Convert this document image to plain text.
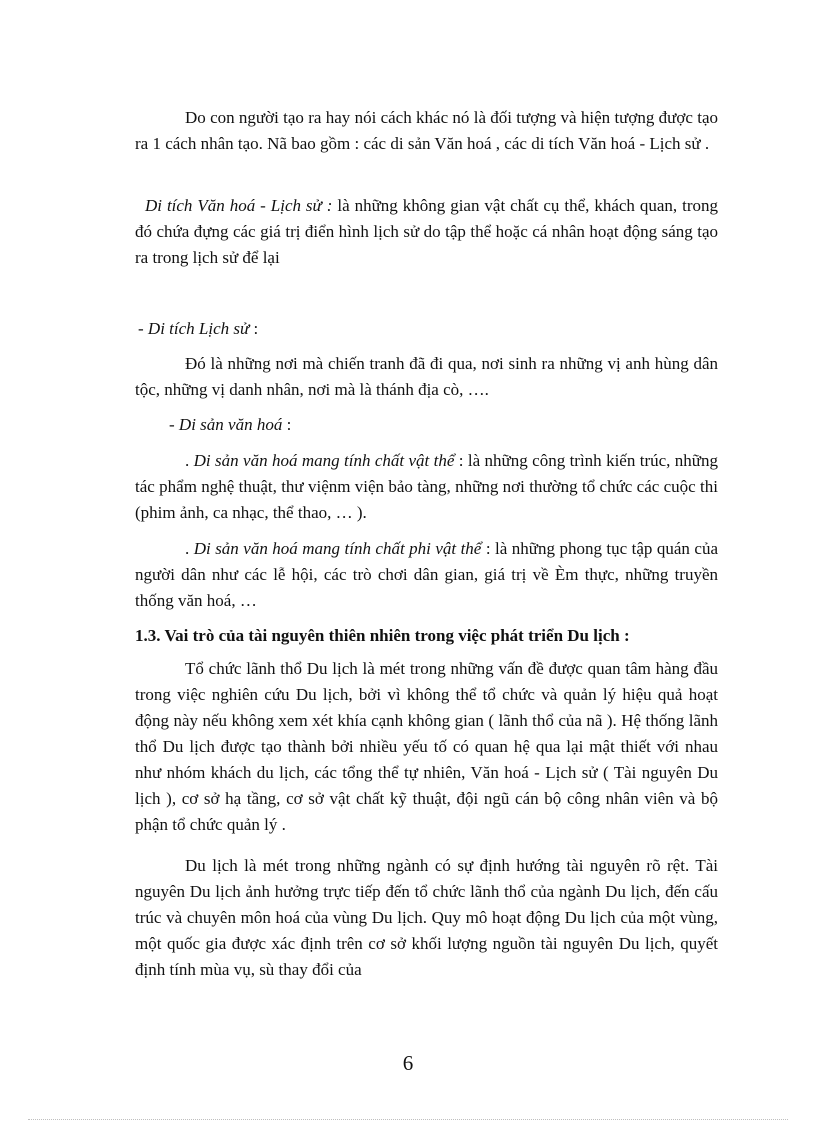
Do con người tạo ra hay nói cách khác nó là đối tượng và hiện tượng được tạo ra 1 cách nhân tạo. Nã bao gồm : các di sản Văn hoá , các di tích Văn hoá - Lịch sử .

Di tích Văn hoá - Lịch sử : là những không gian vật chất cụ thể, khách quan, trong đó chứa đựng các giá trị điển hình lịch sử do tập thể hoặc cá nhân hoạt động sáng tạo ra trong lịch sử để lại

- Di tích Lịch sử :

Đó là những nơi mà chiến tranh đã đi qua, nơi sinh ra những vị anh hùng dân tộc, những vị danh nhân, nơi mà là thánh địa cò, ….

- Di sản văn hoá :

. Di sản văn hoá mang tính chất vật thể : là những công trình kiến trúc, những tác phẩm nghệ thuật, thư việnm viện bảo tàng, những nơi thường tổ chức các cuộc thi (phim ảnh, ca nhạc, thể thao, … ).

. Di sản văn hoá mang tính chất phi vật thể : là những phong tục tập quán của người dân như các lễ hội, các trò chơi dân gian, giá trị về Èm thực, những truyền thống văn hoá, …

1.3. Vai trò của tài nguyên thiên nhiên trong việc phát triển Du lịch :

Tổ chức lãnh thổ Du lịch là mét trong những vấn đề được quan tâm hàng đầu trong việc nghiên cứu Du lịch, bởi vì không thể tổ chức và quản lý hiệu quả hoạt động này nếu không xem xét khía cạnh không gian ( lãnh thổ của nã ). Hệ thống lãnh thổ Du lịch được tạo thành bởi nhiều yếu tố có quan hệ qua lại mật thiết với nhau như nhóm khách du lịch, các tổng thể tự nhiên, Văn hoá - Lịch sử ( Tài nguyên Du lịch ), cơ sở hạ tầng, cơ sở vật chất kỹ thuật, đội ngũ cán bộ công nhân viên và bộ phận tổ chức quản lý .

Du lịch là mét trong những ngành có sự định hướng tài nguyên rõ rệt. Tài nguyên Du lịch ảnh hưởng trực tiếp đến tổ chức lãnh thổ của ngành Du lịch, đến cấu trúc và chuyên môn hoá của vùng Du lịch. Quy mô hoạt động Du lịch của một vùng, một quốc gia được xác định trên cơ sở khối lượng nguồn tài nguyên Du lịch, quyết định tính mùa vụ, sù thay đổi của

6
